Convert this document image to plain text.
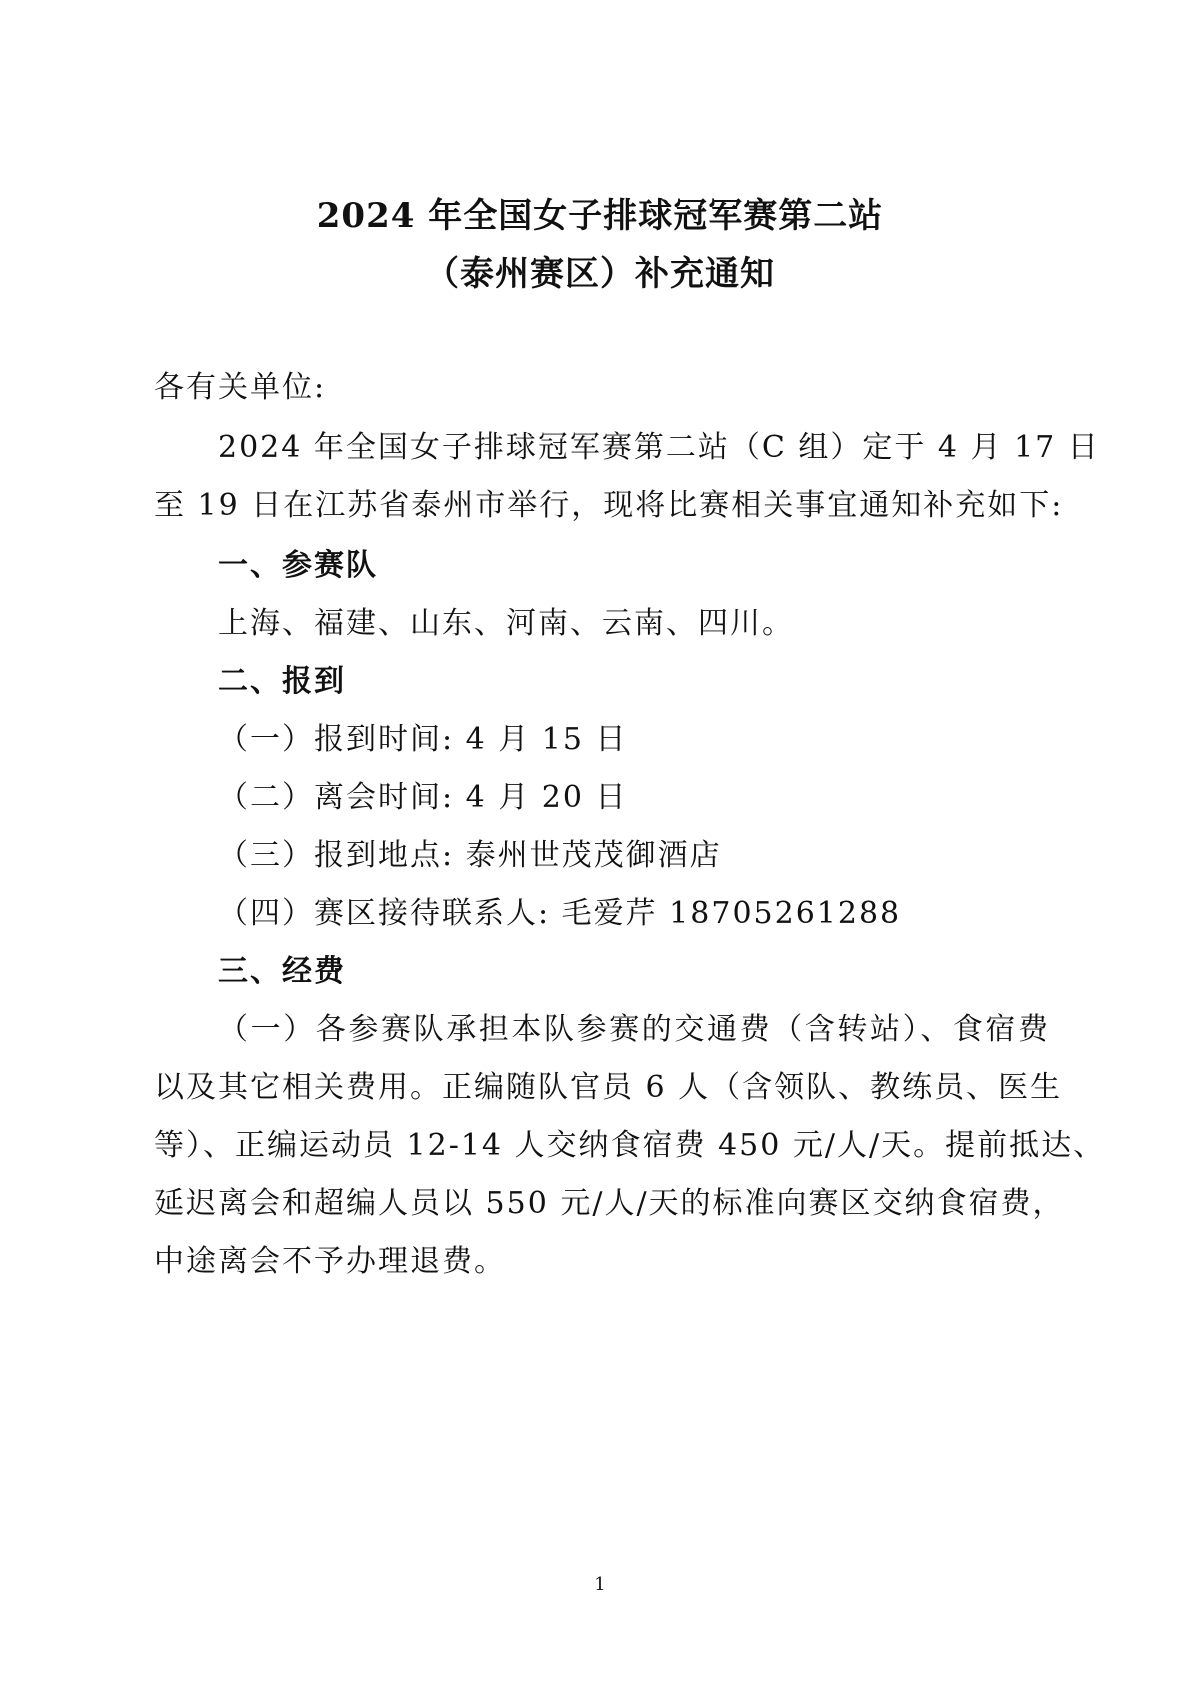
2024 年全国女子排球冠军赛第二站
（泰州赛区）补充通知
各有关单位:
2024 年全国女子排球冠军赛第二站（C 组）定于 4 月 17 日
至 19 日在江苏省泰州市举行，现将比赛相关事宜通知补充如下:
一、参赛队
上海、福建、山东、河南、云南、四川。
二、报到
（一）报到时间: 4 月 15 日
（二）离会时间: 4 月 20 日
（三）报到地点: 泰州世茂茂御酒店
（四）赛区接待联系人: 毛爱芹 18705261288
三、经费
（一）各参赛队承担本队参赛的交通费（含转站）、食宿费
以及其它相关费用。正编随队官员 6 人（含领队、教练员、医生
等）、正编运动员 12-14 人交纳食宿费 450 元/人/天。提前抵达、
延迟离会和超编人员以 550 元/人/天的标准向赛区交纳食宿费，
中途离会不予办理退费。
1
